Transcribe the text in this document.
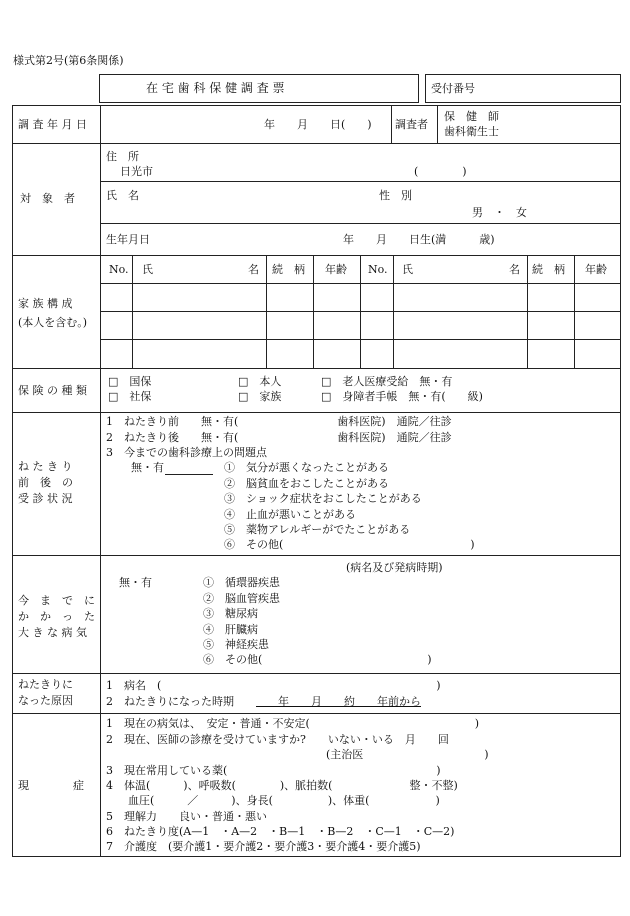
様式第2号(第6条関係)
在 宅 歯 科 保 健 調 査 票	受付番号
調 査 年 月 日	年　　月　　日(　　) 調査者
保　健　師
歯科衛生士
対　象　者
住　所
日光市	(　　　　)
氏　名	性　別
男　・　女
生年月日	年　　月　　日生(満　　　歳)
家 族 構 成
(本人を含む。)
No. 氏	名 続　柄 年齢 No. 氏	名 続　柄 年齢
保 険 の 種 類
□　国保	□　本人	□　老人医療受給　無・有
□　社保	□　家族	□　身障者手帳　無・有(　　級)
ね た き り
前　後　の
受 診 状 況
1　ねたきり前　　無・有(　　　　　　　　　歯科医院)　通院／往診
2　ねたきり後　　無・有(　　　　　　　　　歯科医院)　通院／往診
3　今までの歯科診療上の問題点
無・有	①　気分が悪くなったことがある
②　脳貧血をおこしたことがある
③　ショック症状をおこしたことがある
④　止血が悪いことがある
⑤　薬物アレルギーがでたことがある
⑥　その他(　　　　　　　　　　　　　　　　　)
今　ま　で　に
か　か　っ　た
大 き な 病 気
(病名及び発病時期)
無・有	①　循環器疾患
②　脳血管疾患
③　糖尿病
④　肝臓病
⑤　神経疾患
⑥　その他(　　　　　　　　　　　　　　　)
ねたきりに
なった原因
1　病名　(　　　　　　　　　　　　　　　　　　　　　　　　　)
2　ねたきりになった時期 　　年　　月　　約　　年前から
現　　　　症
1　現在の病気は、　安定・普通・不安定(　　　　　　　　　　　　　　　)
2　現在、医師の診療を受けていますか?　　いない・いる　月　　回
　　　　　　　　　　　　　　　　　　　　(主治医　　　　　　　　　　　)
3　現在常用している薬(　　　　　　　　　　　　　　　　　　　)
4　体温(　　　)、呼吸数(　　　　)、脈拍数(　　　　　　　整・不整)
　　血圧(　　　／　　　)、身長(　　　　　)、体重(　　　　　　)
5　理解力　　良い・普通・悪い
6　ねたきり度(A—1　・A—2　・B—1　・B—2　・C—1　・C—2)
7　介護度　(要介護1・要介護2・要介護3・要介護4・要介護5)
